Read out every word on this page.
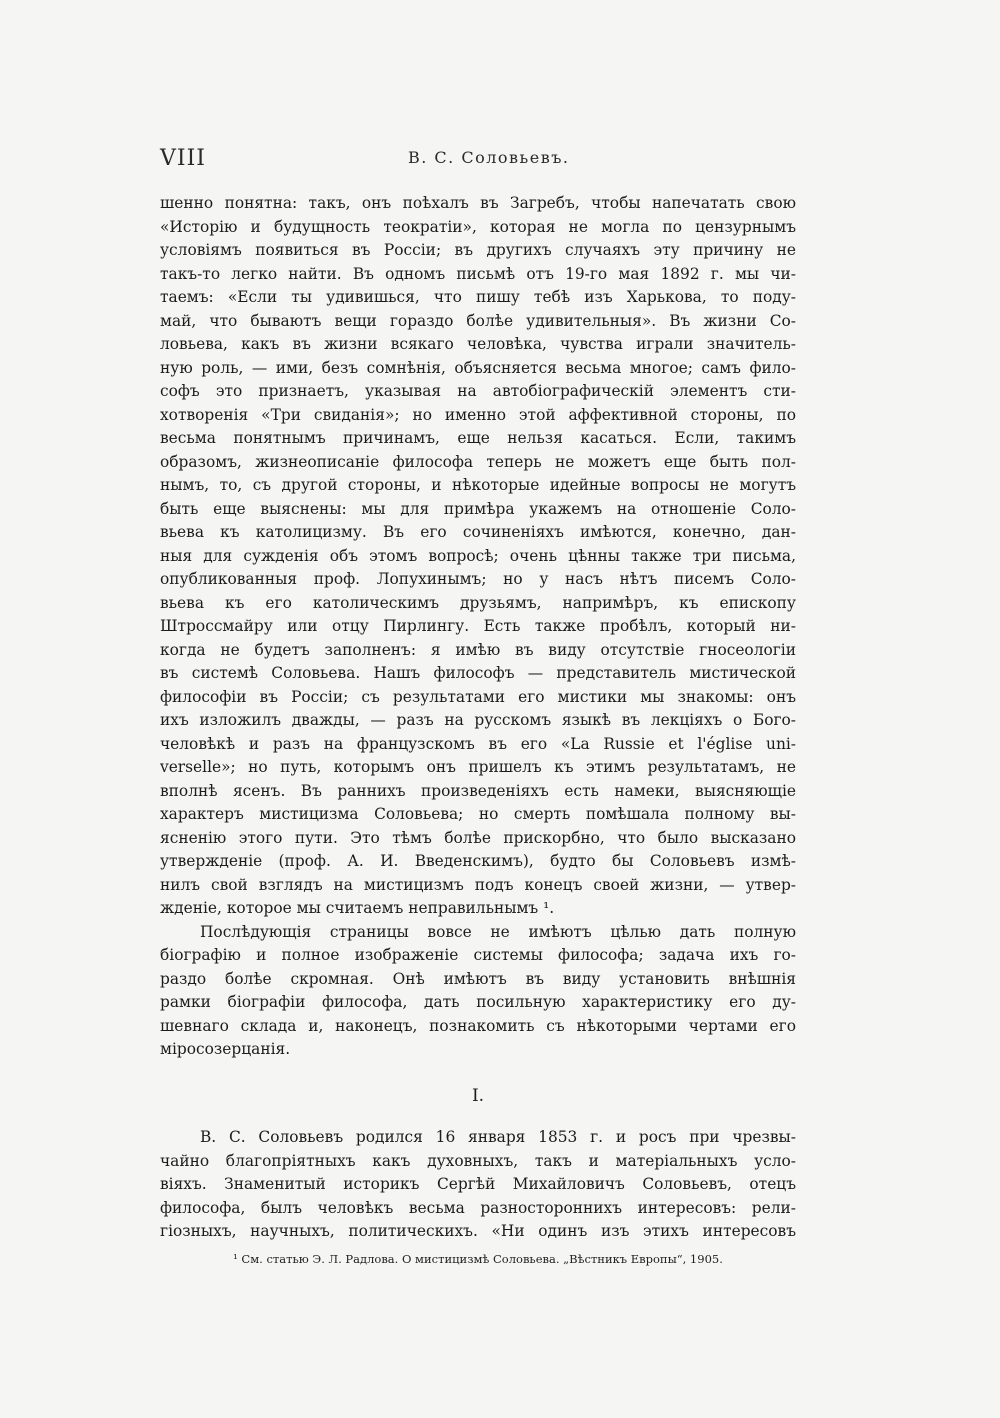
VIII	В. С. Соловьевъ.
шенно понятна: такъ, онъ поѣхалъ въ Загребъ, чтобы напечатать свою
«Исторію и будущность теократіи», которая не могла по цензурнымъ
условіямъ появиться въ Россіи; въ другихъ случаяхъ эту причину не
такъ-то легко найти. Въ одномъ письмѣ отъ 19-го мая 1892 г. мы чи-
таемъ: «Если ты удивишься, что пишу тебѣ изъ Харькова, то поду-
май, что бываютъ вещи гораздо болѣе удивительныя». Въ жизни Со-
ловьева, какъ въ жизни всякаго человѣка, чувства играли значитель-
ную роль, — ими, безъ сомнѣнія, объясняется весьма многое; самъ фило-
софъ это признаетъ, указывая на автобіографическій элементъ сти-
хотворенія «Три свиданія»; но именно этой аффективной стороны, по
весьма понятнымъ причинамъ, еще нельзя касаться. Если, такимъ
образомъ, жизнеописаніе философа теперь не можетъ еще быть пол-
нымъ, то, съ другой стороны, и нѣкоторые идейные вопросы не могутъ
быть еще выяснены: мы для примѣра укажемъ на отношеніе Соло-
вьева къ католицизму. Въ его сочиненіяхъ имѣются, конечно, дан-
ныя для сужденія объ этомъ вопросѣ; очень цѣнны также три письма,
опубликованныя проф. Лопухинымъ; но у насъ нѣтъ писемъ Соло-
вьева къ его католическимъ друзьямъ, напримѣръ, къ епископу
Штроссмайру или отцу Пирлингу. Есть также пробѣлъ, который ни-
когда не будетъ заполненъ: я имѣю въ виду отсутствіе гносеологіи
въ системѣ Соловьева. Нашъ философъ — представитель мистической
философіи въ Россіи; съ результатами его мистики мы знакомы: онъ
ихъ изложилъ дважды, — разъ на русскомъ языкѣ въ лекціяхъ о Бого-
человѣкѣ и разъ на французскомъ въ его «La Russie et l'église uni-
verselle»; но путь, которымъ онъ пришелъ къ этимъ результатамъ, не
вполнѣ ясенъ. Въ раннихъ произведеніяхъ есть намеки, выясняющіе
характеръ мистицизма Соловьева; но смерть помѣшала полному вы-
ясненію этого пути. Это тѣмъ болѣе прискорбно, что было высказано
утвержденіе (проф. А. И. Введенскимъ), будто бы Соловьевъ измѣ-
нилъ свой взглядъ на мистицизмъ подъ конецъ своей жизни, — утвер-
жденіе, которое мы считаемъ неправильнымъ ¹.
Послѣдующія страницы вовсе не имѣютъ цѣлью дать полную
біографію и полное изображеніе системы философа; задача ихъ го-
раздо болѣе скромная. Онѣ имѣютъ въ виду установить внѣшнія
рамки біографіи философа, дать посильную характеристику его ду-
шевнаго склада и, наконецъ, познакомить съ нѣкоторыми чертами его
міросозерцанія.
I.
В. С. Соловьевъ родился 16 января 1853 г. и росъ при чрезвы-
чайно благопріятныхъ какъ духовныхъ, такъ и матеріальныхъ усло-
віяхъ. Знаменитый историкъ Сергѣй Михайловичъ Соловьевъ, отецъ
философа, былъ человѣкъ весьма разностороннихъ интересовъ: рели-
гіозныхъ, научныхъ, политическихъ. «Ни одинъ изъ этихъ интересовъ
¹ См. статью Э. Л. Радлова. О мистицизмѣ Соловьева. „Вѣстникъ Европы“, 1905.
